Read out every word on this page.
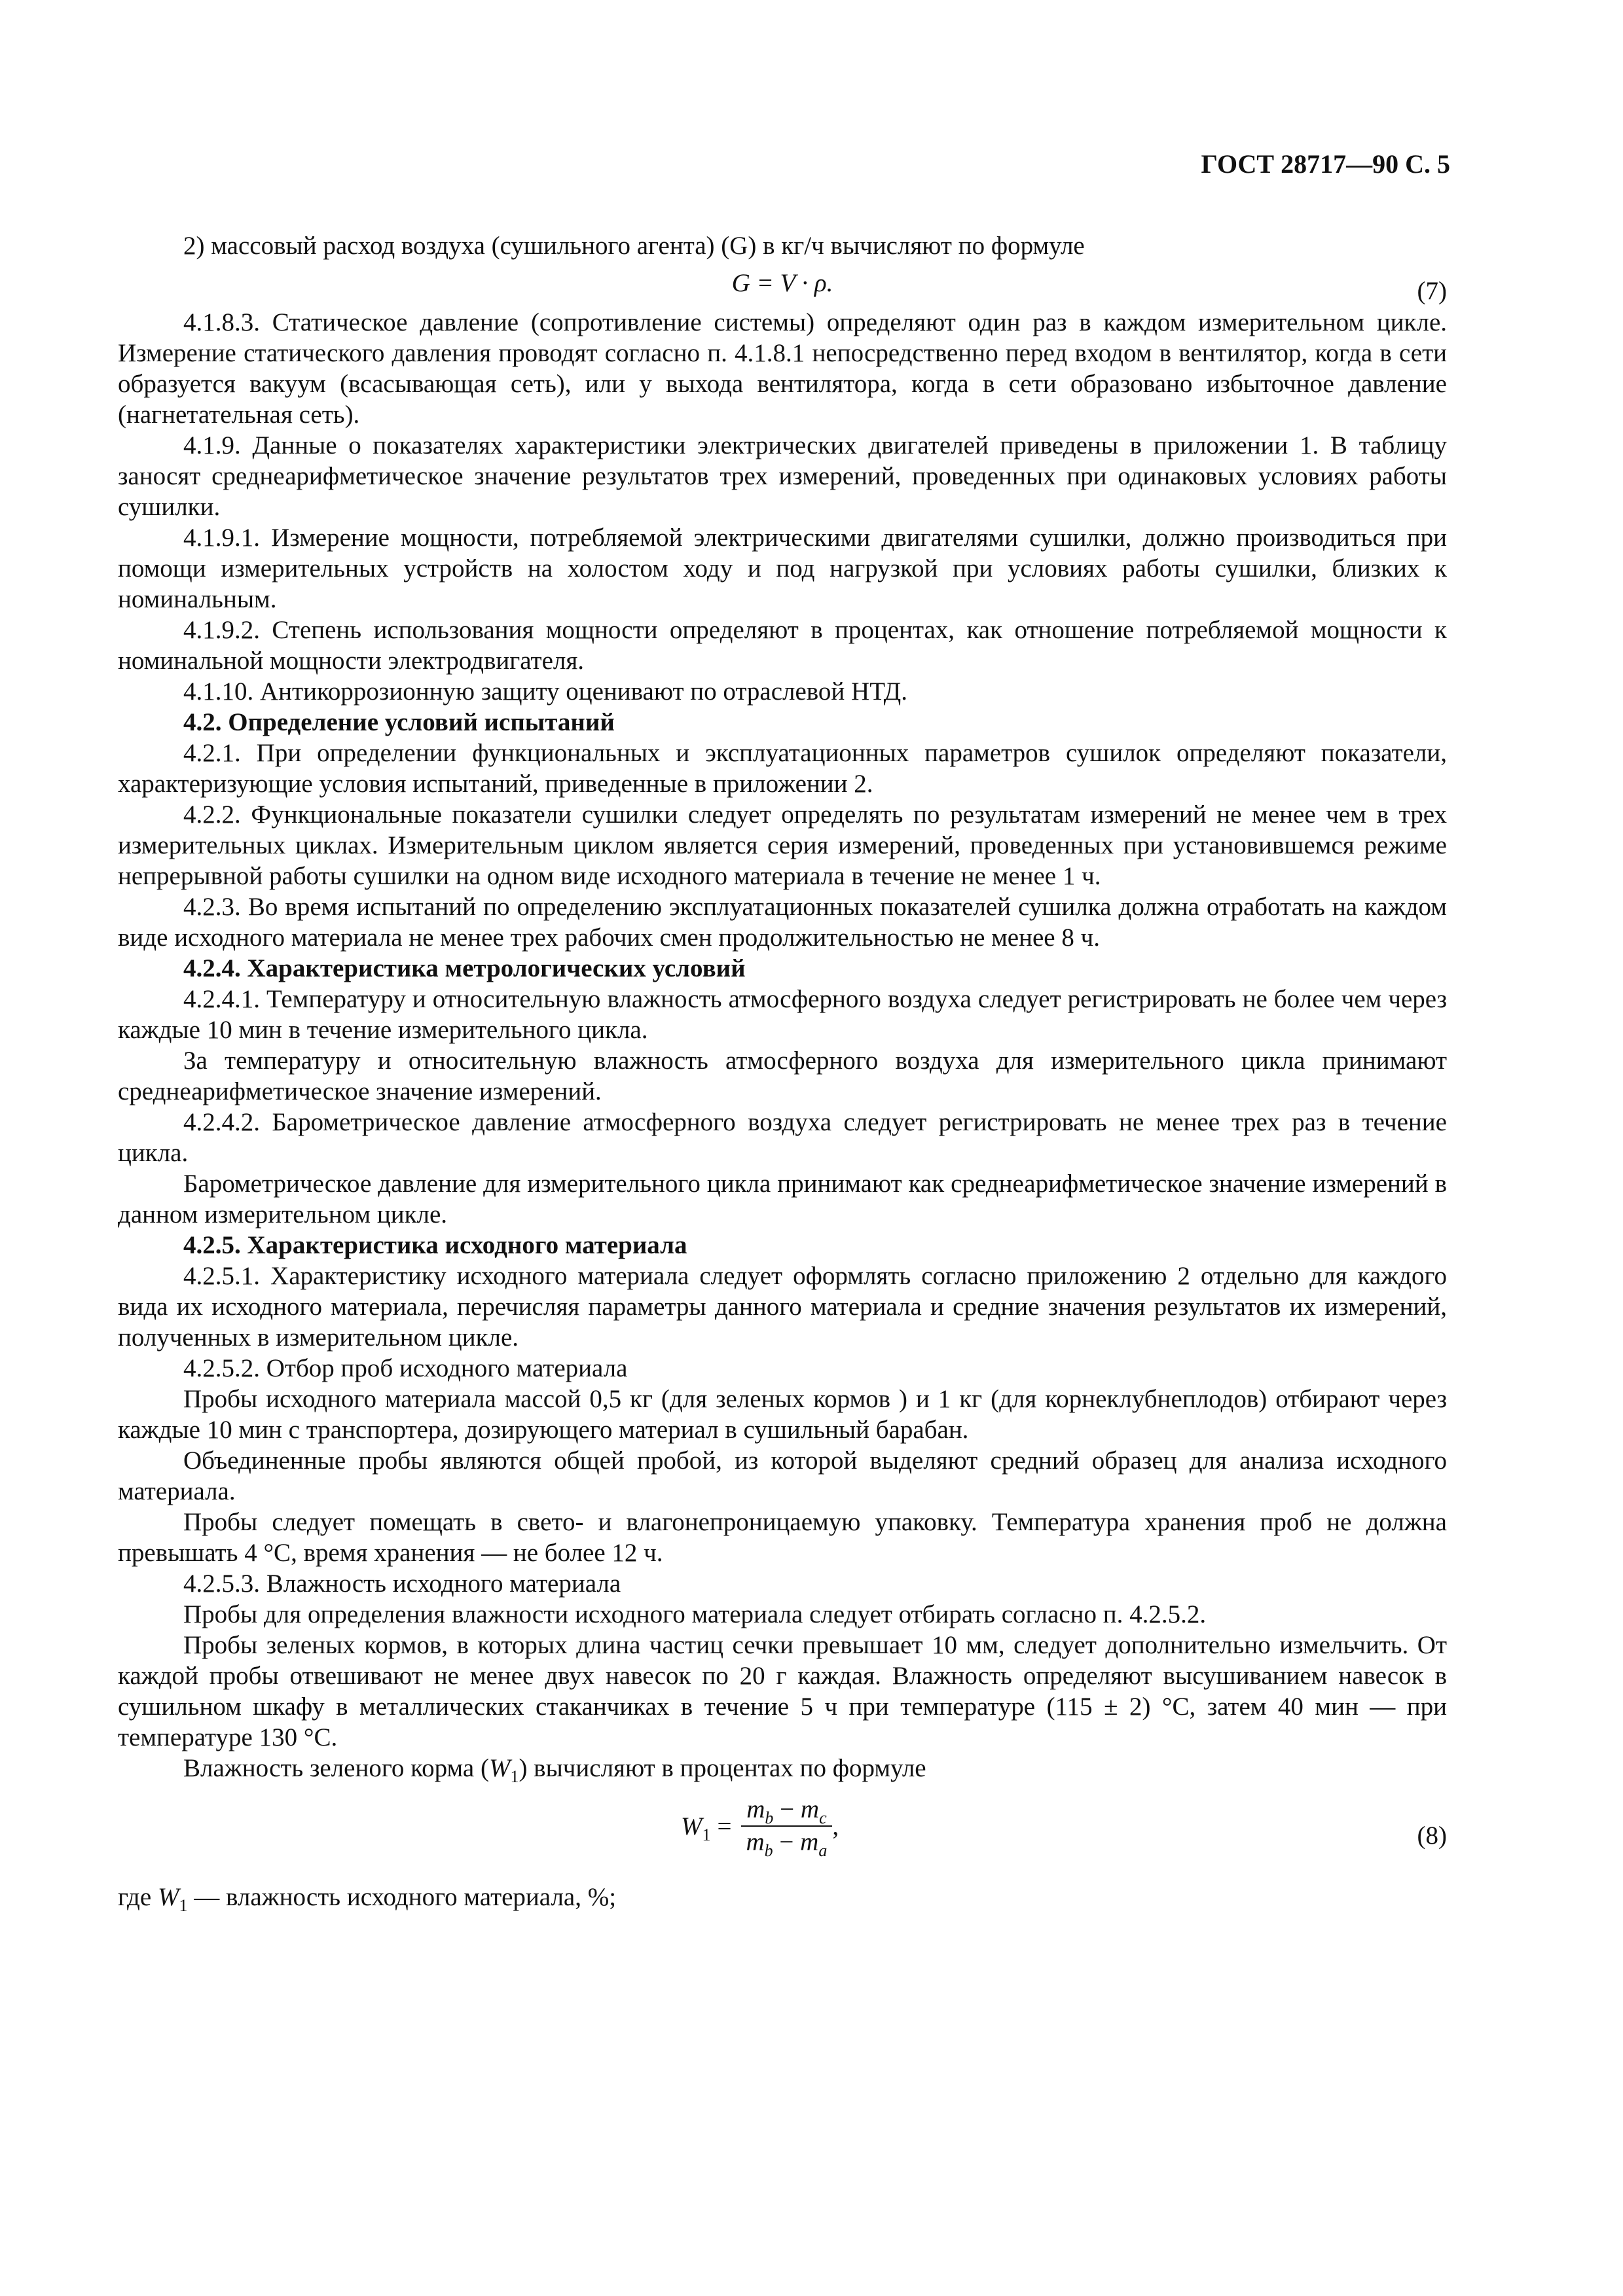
ГОСТ 28717—90 С. 5

2) массовый расход воздуха (сушильного агента) (G) в кг/ч вычисляют по формуле

G = V · ρ.	(7)

4.1.8.3. Статическое давление (сопротивление системы) определяют один раз в каждом измерительном цикле. Измерение статического давления проводят согласно п. 4.1.8.1 непосредственно перед входом в вентилятор, когда в сети образуется вакуум (всасывающая сеть), или у выхода вентилятора, когда в сети образовано избыточное давление (нагнетательная сеть).

4.1.9. Данные о показателях характеристики электрических двигателей приведены в приложении 1. В таблицу заносят среднеарифметическое значение результатов трех измерений, проведенных при одинаковых условиях работы сушилки.

4.1.9.1. Измерение мощности, потребляемой электрическими двигателями сушилки, должно производиться при помощи измерительных устройств на холостом ходу и под нагрузкой при условиях работы сушилки, близких к номинальным.

4.1.9.2. Степень использования мощности определяют в процентах, как отношение потребляемой мощности к номинальной мощности электродвигателя.

4.1.10. Антикоррозионную защиту оценивают по отраслевой НТД.

4.2. Определение условий испытаний

4.2.1. При определении функциональных и эксплуатационных параметров сушилок определяют показатели, характеризующие условия испытаний, приведенные в приложении 2.

4.2.2. Функциональные показатели сушилки следует определять по результатам измерений не менее чем в трех измерительных циклах. Измерительным циклом является серия измерений, проведенных при установившемся режиме непрерывной работы сушилки на одном виде исходного материала в течение не менее 1 ч.

4.2.3. Во время испытаний по определению эксплуатационных показателей сушилка должна отработать на каждом виде исходного материала не менее трех рабочих смен продолжительностью не менее 8 ч.

4.2.4. Характеристика метрологических условий

4.2.4.1. Температуру и относительную влажность атмосферного воздуха следует регистрировать не более чем через каждые 10 мин в течение измерительного цикла.

За температуру и относительную влажность атмосферного воздуха для измерительного цикла принимают среднеарифметическое значение измерений.

4.2.4.2. Барометрическое давление атмосферного воздуха следует регистрировать не менее трех раз в течение цикла.

Барометрическое давление для измерительного цикла принимают как среднеарифметическое значение измерений в данном измерительном цикле.

4.2.5. Характеристика исходного материала

4.2.5.1. Характеристику исходного материала следует оформлять согласно приложению 2 отдельно для каждого вида их исходного материала, перечисляя параметры данного материала и средние значения результатов их измерений, полученных в измерительном цикле.

4.2.5.2. Отбор проб исходного материала

Пробы исходного материала массой 0,5 кг (для зеленых кормов ) и 1 кг (для корнеклубнеплодов) отбирают через каждые 10 мин с транспортера, дозирующего материал в сушильный барабан.

Объединенные пробы являются общей пробой, из которой выделяют средний образец для анализа исходного материала.

Пробы следует помещать в свето- и влагонепроницаемую упаковку. Температура хранения проб не должна превышать 4 °С, время хранения — не более 12 ч.

4.2.5.3. Влажность исходного материала

Пробы для определения влажности исходного материала следует отбирать согласно п. 4.2.5.2.

Пробы зеленых кормов, в которых длина частиц сечки превышает 10 мм, следует дополнительно измельчить. От каждой пробы отвешивают не менее двух навесок по 20 г каждая. Влажность определяют высушиванием навесок в сушильном шкафу в металлических стаканчиках в течение 5 ч при температуре (115 ± 2) °С, затем 40 мин — при температуре 130 °С.

Влажность зеленого корма $(W_1)$ вычисляют в процентах по формуле

$W_1 = \frac{m_b - m_c}{m_b - m_a}$ ,	(8)

где $W_1$ — влажность исходного материала, %;
